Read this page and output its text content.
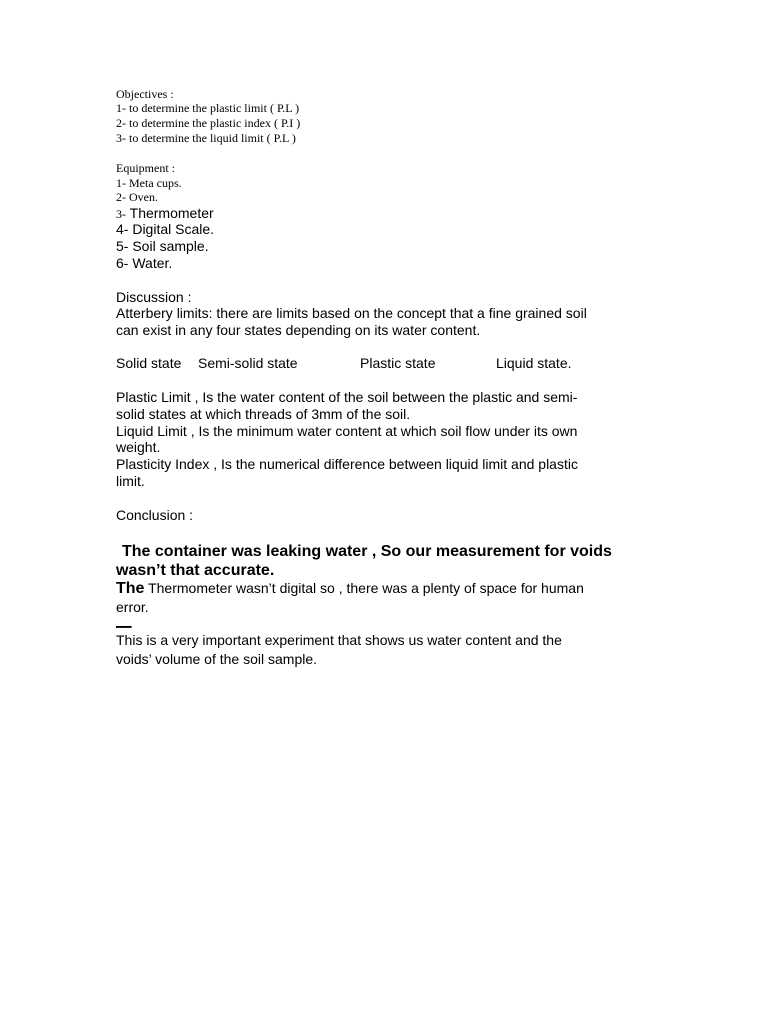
Objectives :
1- to determine the plastic limit ( P.L )
2- to determine the plastic index ( P.I )
3- to determine the liquid limit ( P.L )
Equipment :
1- Meta cups.
2- Oven.
3- Thermometer
4- Digital Scale.
5- Soil sample.
6- Water.
Discussion :
Atterbery limits: there are limits based on the concept that a fine grained soil
can exist in any four states depending on its water content.
Solid state Semi-solid state	Plastic state	Liquid state.
Plastic Limit , Is the water content of the soil between the plastic and semi-
solid states at which threads of 3mm of the soil.
Liquid Limit , Is the minimum water content at which soil flow under its own
weight.
Plasticity Index , Is the numerical difference between liquid limit and plastic
limit.
Conclusion :
The container was leaking water , So our measurement for voids
wasn’t that accurate.
The Thermometer wasn’t digital so , there was a plenty of space for human
error.
__
This is a very important experiment that shows us water content and the
voids’ volume of the soil sample.
